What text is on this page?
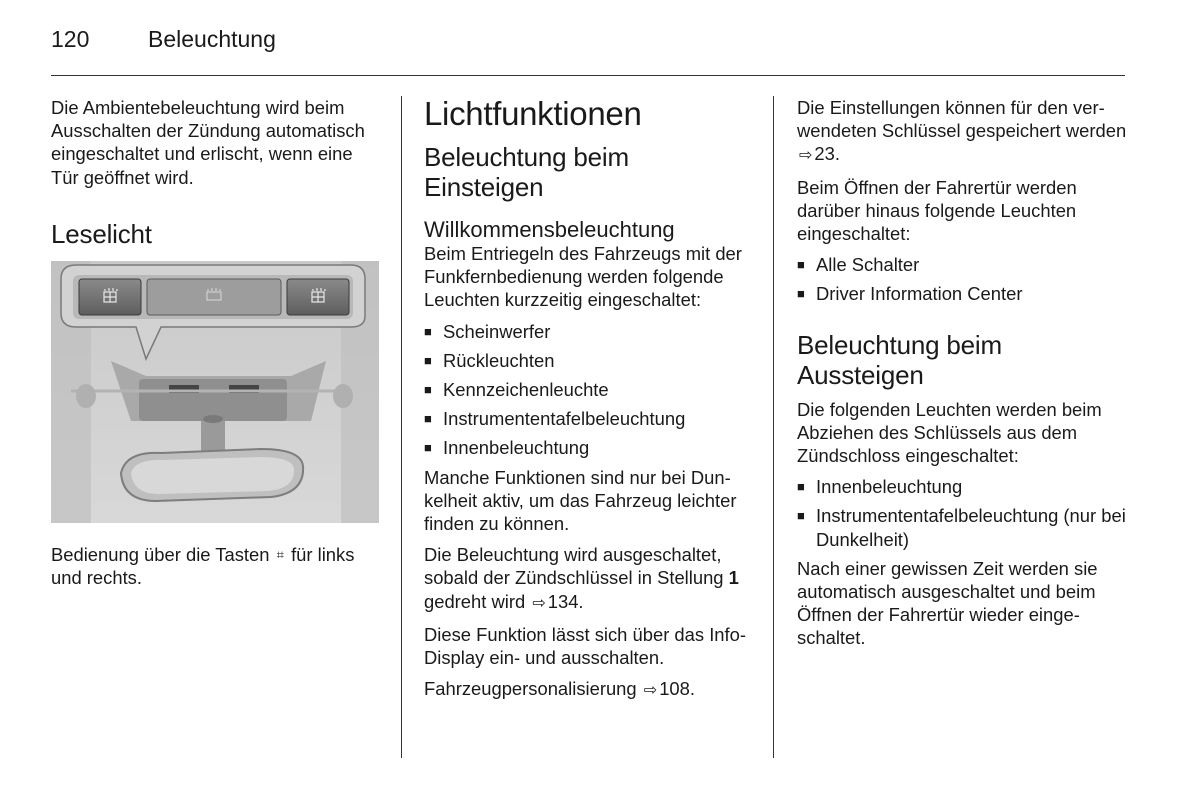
120	Beleuchtung

Die Ambientebeleuchtung wird beim Ausschalten der Zündung automatisch eingeschaltet und erlischt, wenn eine Tür geöffnet wird.

Leselicht

Bedienung über die Tasten ⌗ für links und rechts.

Lichtfunktionen
Beleuchtung beim Einsteigen
Willkommensbeleuchtung

Beim Entriegeln des Fahrzeugs mit der Funkfernbedienung werden folgende Leuchten kurzzeitig eingeschaltet:

■ Scheinwerfer
■ Rückleuchten
■ Kennzeichenleuchte
■ Instrumententafelbeleuchtung
■ Innenbeleuchtung

Manche Funktionen sind nur bei Dunkelheit aktiv, um das Fahrzeug leichter finden zu können.

Die Beleuchtung wird ausgeschaltet, sobald der Zündschlüssel in Stellung 1 gedreht wird ⇨ 134.

Diese Funktion lässt sich über das Info-Display ein- und ausschalten.

Fahrzeugpersonalisierung ⇨ 108.

Die Einstellungen können für den verwendeten Schlüssel gespeichert werden ⇨ 23.

Beim Öffnen der Fahrertür werden darüber hinaus folgende Leuchten eingeschaltet:

■ Alle Schalter
■ Driver Information Center
Beleuchtung beim Aussteigen

Die folgenden Leuchten werden beim Abziehen des Schlüssels aus dem Zündschloss eingeschaltet:

■ Innenbeleuchtung
■ Instrumententafelbeleuchtung (nur bei Dunkelheit)

Nach einer gewissen Zeit werden sie automatisch ausgeschaltet und beim Öffnen der Fahrertür wieder eingeschaltet.
